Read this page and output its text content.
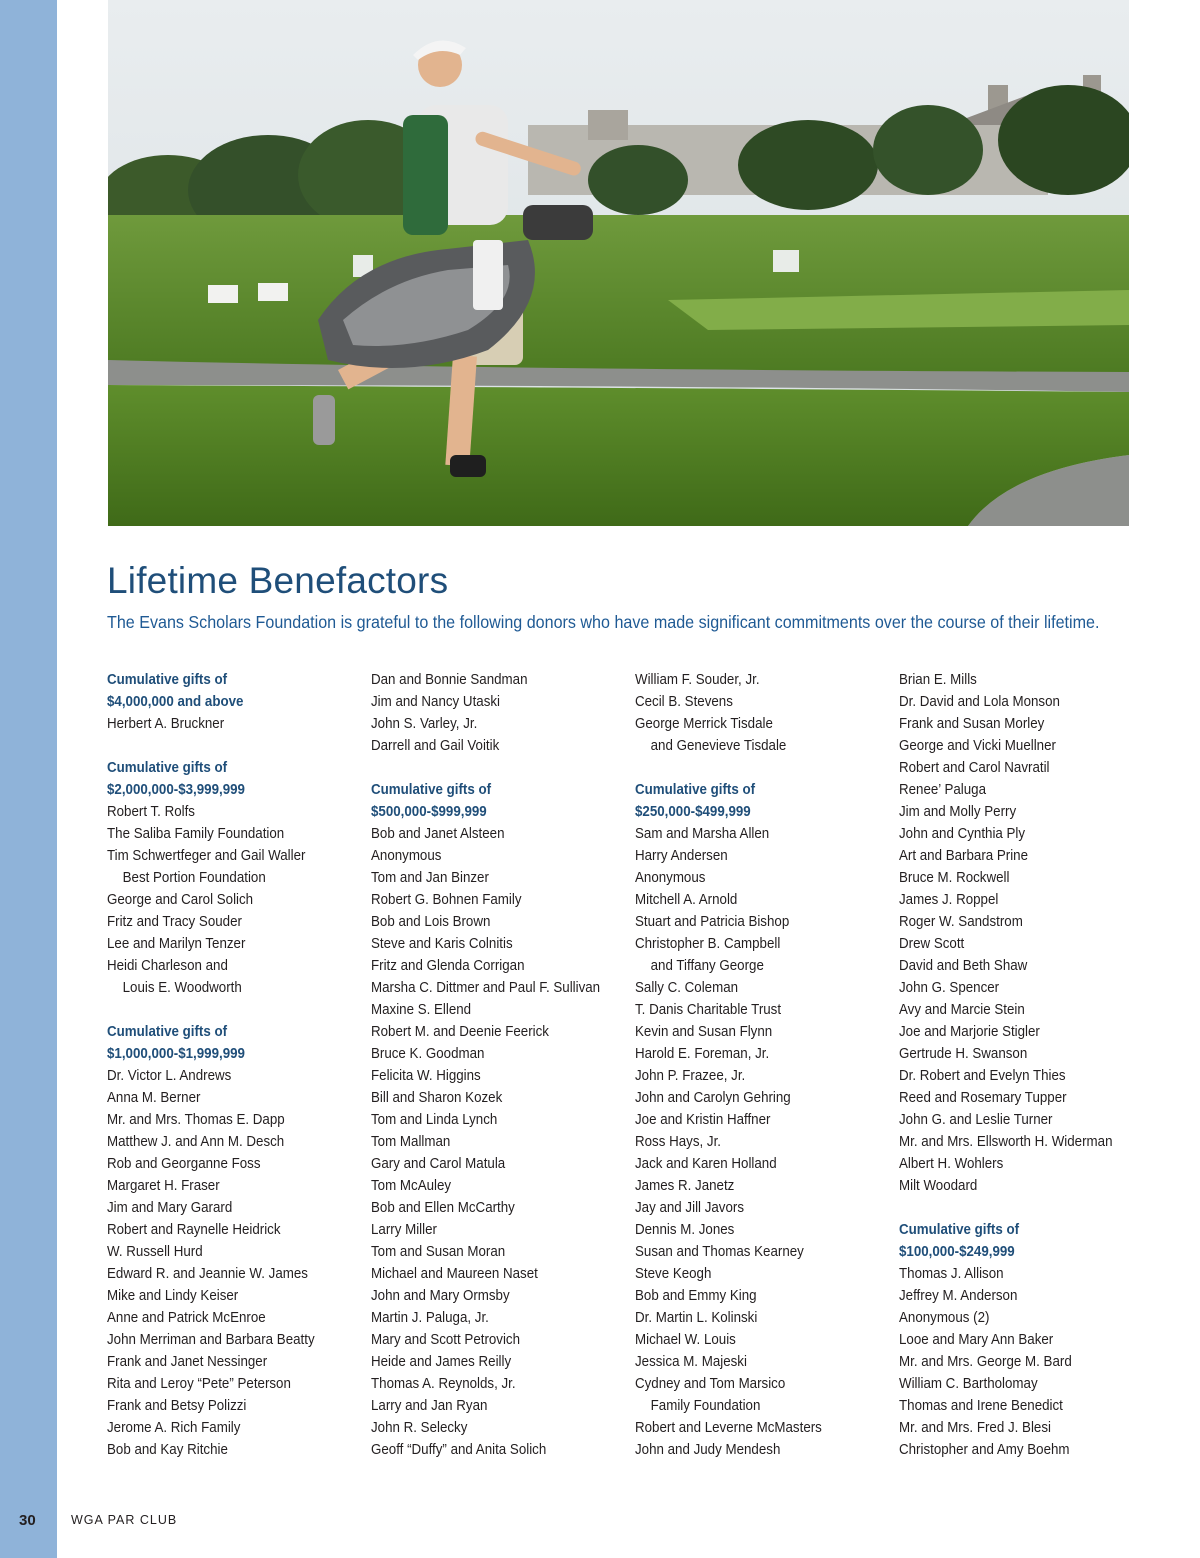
Lifetime Benefactors
The Evans Scholars Foundation is grateful to the following donors who have made significant commitments over the course of their lifetime.
Cumulative gifts of
$4,000,000 and above
Herbert A. Bruckner
Cumulative gifts of
$2,000,000-$3,999,999
Robert T. Rolfs
The Saliba Family Foundation
Tim Schwertfeger and Gail Waller
Best Portion Foundation
George and Carol Solich
Fritz and Tracy Souder
Lee and Marilyn Tenzer
Heidi Charleson and
Louis E. Woodworth
Cumulative gifts of
$1,000,000-$1,999,999
Dr. Victor L. Andrews
Anna M. Berner
Mr. and Mrs. Thomas E. Dapp
Matthew J. and Ann M. Desch
Rob and Georganne Foss
Margaret H. Fraser
Jim and Mary Garard
Robert and Raynelle Heidrick
W. Russell Hurd
Edward R. and Jeannie W. James
Mike and Lindy Keiser
Anne and Patrick McEnroe
John Merriman and Barbara Beatty
Frank and Janet Nessinger
Rita and Leroy “Pete” Peterson
Frank and Betsy Polizzi
Jerome A. Rich Family
Bob and Kay Ritchie
Dan and Bonnie Sandman
Jim and Nancy Utaski
John S. Varley, Jr.
Darrell and Gail Voitik
Cumulative gifts of
$500,000-$999,999
Bob and Janet Alsteen
Anonymous
Tom and Jan Binzer
Robert G. Bohnen Family
Bob and Lois Brown
Steve and Karis Colnitis
Fritz and Glenda Corrigan
Marsha C. Dittmer and Paul F. Sullivan
Maxine S. Ellend
Robert M. and Deenie Feerick
Bruce K. Goodman
Felicita W. Higgins
Bill and Sharon Kozek
Tom and Linda Lynch
Tom Mallman
Gary and Carol Matula
Tom McAuley
Bob and Ellen McCarthy
Larry Miller
Tom and Susan Moran
Michael and Maureen Naset
John and Mary Ormsby
Martin J. Paluga, Jr.
Mary and Scott Petrovich
Heide and James Reilly
Thomas A. Reynolds, Jr.
Larry and Jan Ryan
John R. Selecky
Geoff “Duffy” and Anita Solich
William F. Souder, Jr.
Cecil B. Stevens
George Merrick Tisdale
and Genevieve Tisdale
Cumulative gifts of
$250,000-$499,999
Sam and Marsha Allen
Harry Andersen
Anonymous
Mitchell A. Arnold
Stuart and Patricia Bishop
Christopher B. Campbell
and Tiffany George
Sally C. Coleman
T. Danis Charitable Trust
Kevin and Susan Flynn
Harold E. Foreman, Jr.
John P. Frazee, Jr.
John and Carolyn Gehring
Joe and Kristin Haffner
Ross Hays, Jr.
Jack and Karen Holland
James R. Janetz
Jay and Jill Javors
Dennis M. Jones
Susan and Thomas Kearney
Steve Keogh
Bob and Emmy King
Dr. Martin L. Kolinski
Michael W. Louis
Jessica M. Majeski
Cydney and Tom Marsico
Family Foundation
Robert and Leverne McMasters
John and Judy Mendesh
Brian E. Mills
Dr. David and Lola Monson
Frank and Susan Morley
George and Vicki Muellner
Robert and Carol Navratil
Renee’ Paluga
Jim and Molly Perry
John and Cynthia Ply
Art and Barbara Prine
Bruce M. Rockwell
James J. Roppel
Roger W. Sandstrom
Drew Scott
David and Beth Shaw
John G. Spencer
Avy and Marcie Stein
Joe and Marjorie Stigler
Gertrude H. Swanson
Dr. Robert and Evelyn Thies
Reed and Rosemary Tupper
John G. and Leslie Turner
Mr. and Mrs. Ellsworth H. Widerman
Albert H. Wohlers
Milt Woodard
Cumulative gifts of
$100,000-$249,999
Thomas J. Allison
Jeffrey M. Anderson
Anonymous (2)
Looe and Mary Ann Baker
Mr. and Mrs. George M. Bard
William C. Bartholomay
Thomas and Irene Benedict
Mr. and Mrs. Fred J. Blesi
Christopher and Amy Boehm
30	WGA PAR CLUB
